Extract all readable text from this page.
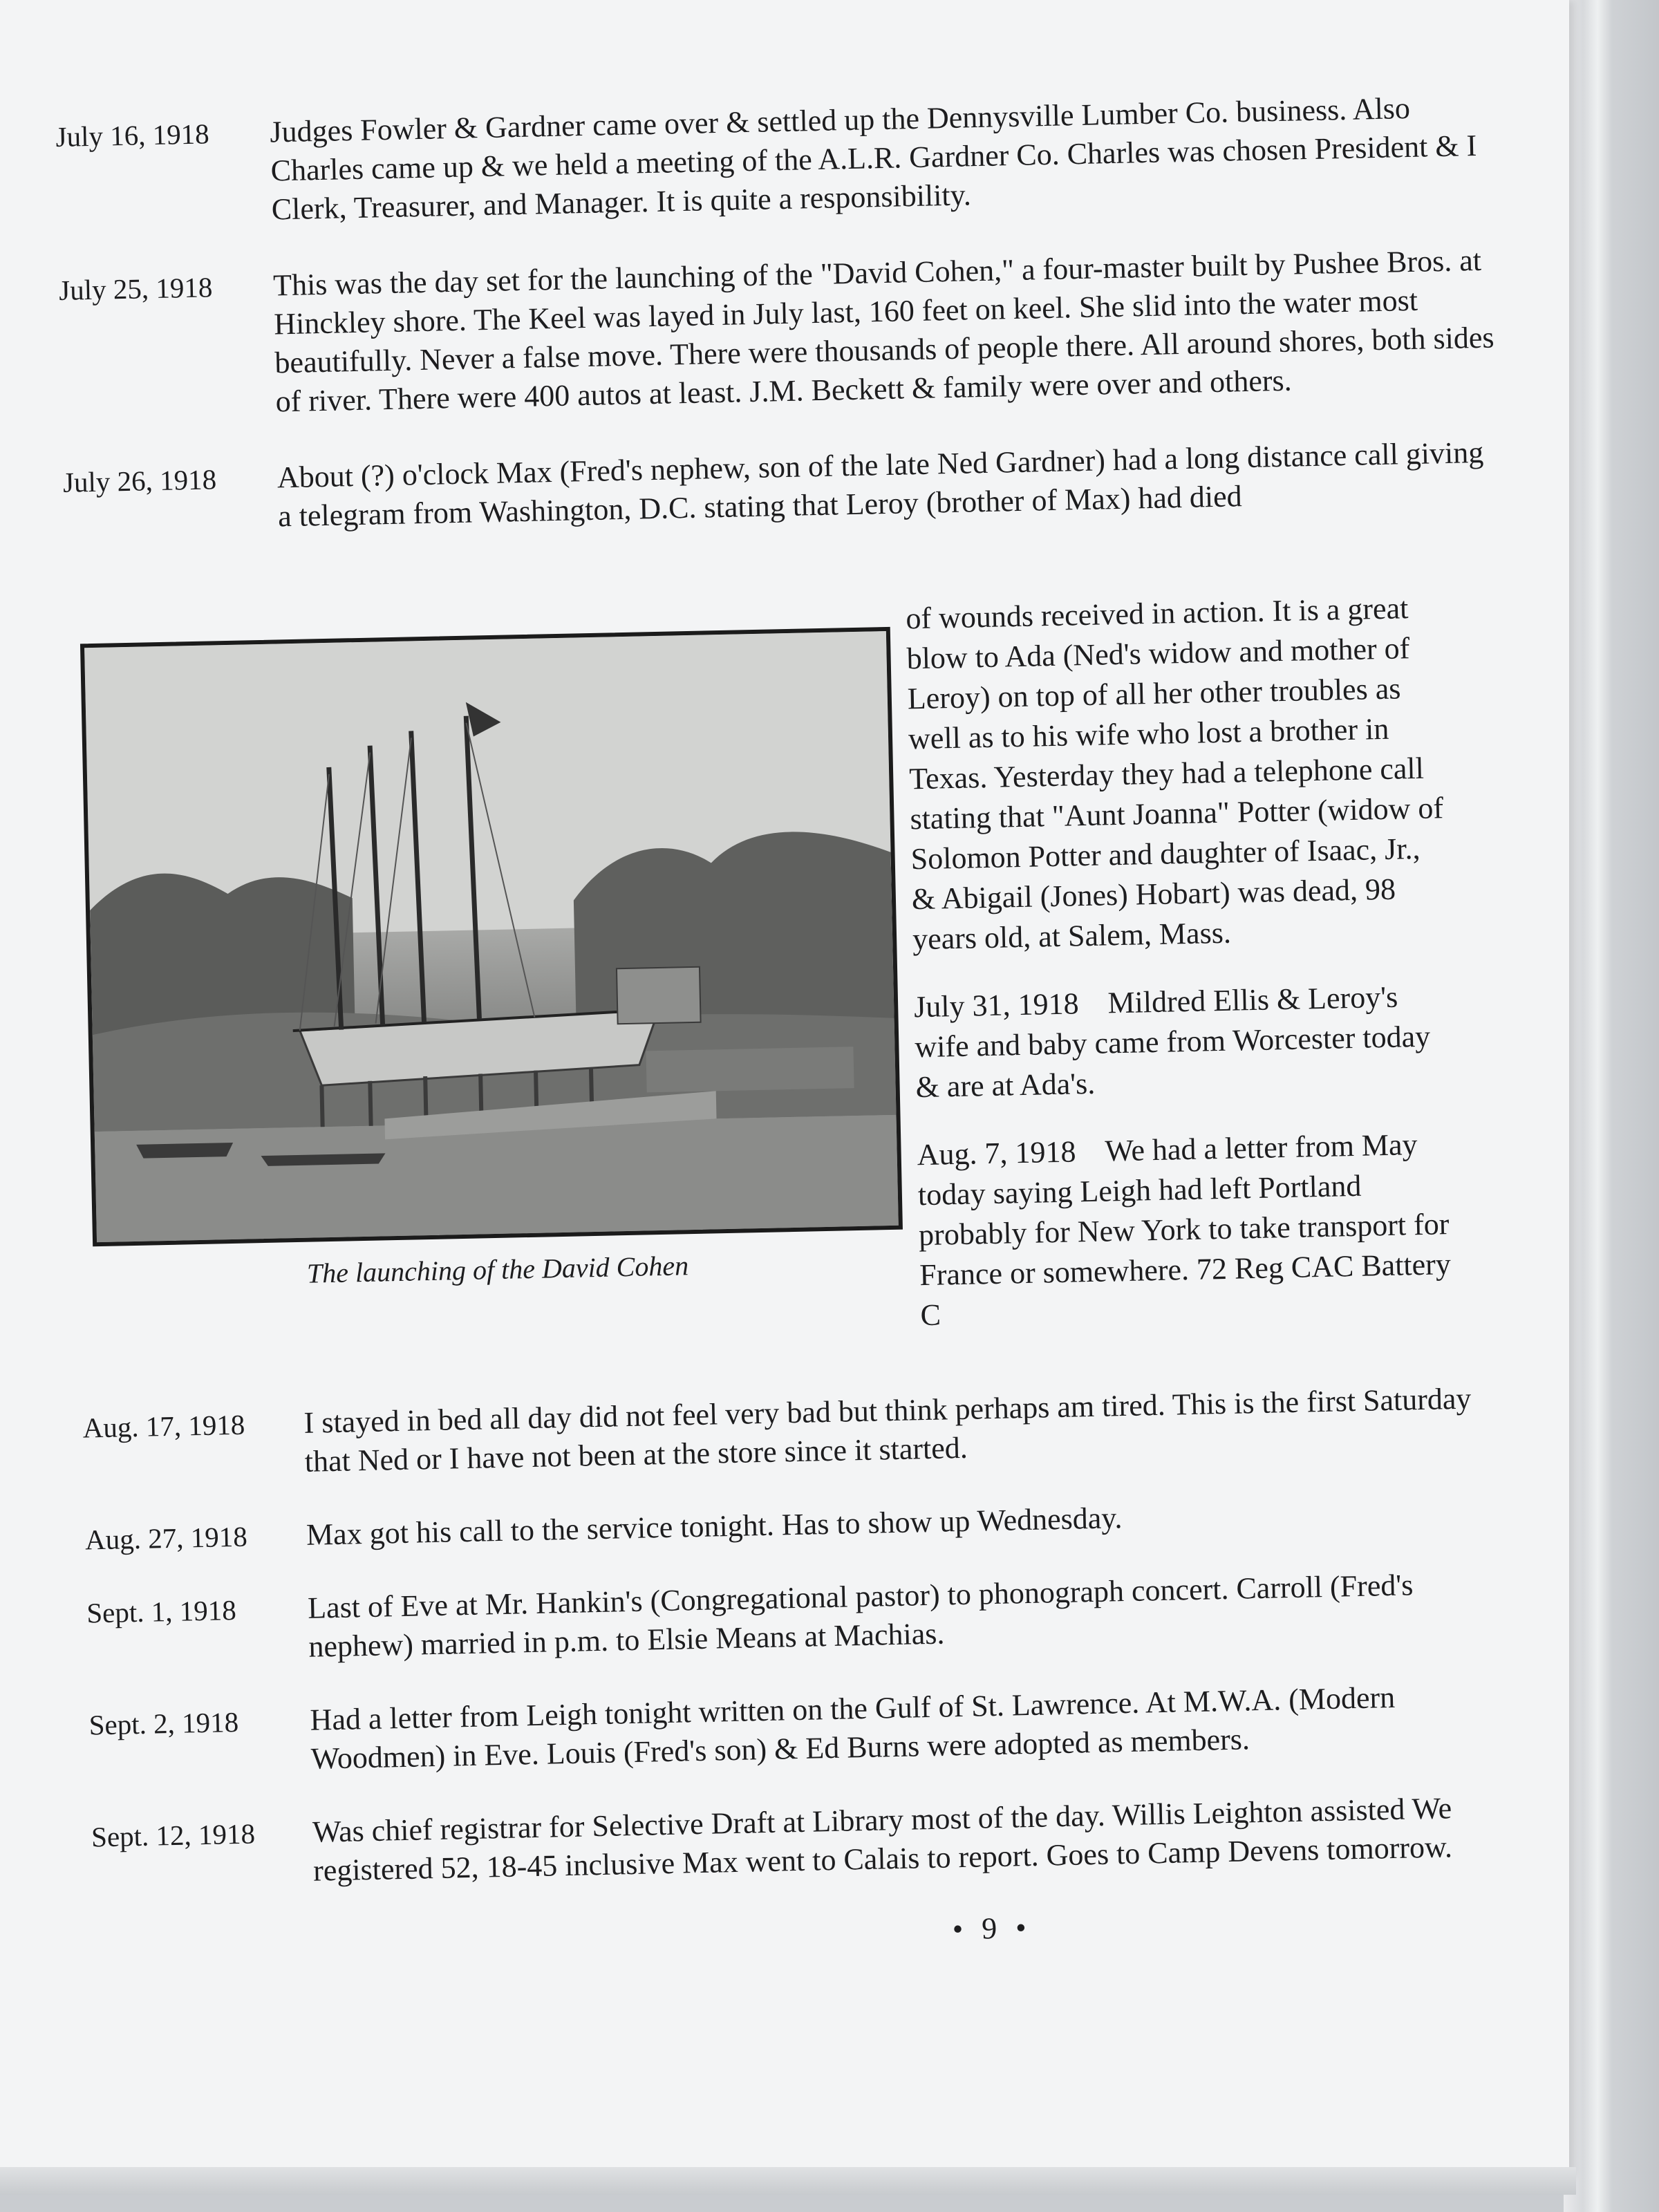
July 16, 1918	Judges Fowler & Gardner came over & settled up the Dennysville Lumber Co. business. Also Charles came up & we held a meeting of the A.L.R. Gardner Co. Charles was chosen President & I Clerk, Treasurer, and Manager. It is quite a responsibility.
July 25, 1918	This was the day set for the launching of the "David Cohen," a four-master built by Pushee Bros. at Hinckley shore. The Keel was layed in July last, 160 feet on keel. She slid into the water most beautifully. Never a false move. There were thousands of people there. All around shores, both sides of river. There were 400 autos at least. J.M. Beckett & family were over and others.
July 26, 1918	About (?) o'clock Max (Fred's nephew, son of the late Ned Gardner) had a long distance call giving a telegram from Washington, D.C. stating that Leroy (brother of Max) had died
The launching of the David Cohen

of wounds received in action. It is a great blow to Ada (Ned's widow and mother of Leroy) on top of all her other troubles as well as to his wife who lost a brother in Texas. Yesterday they had a telephone call stating that "Aunt Joanna" Potter (widow of Solomon Potter and daughter of Isaac, Jr., & Abigail (Jones) Hobart) was dead, 98 years old, at Salem, Mass.

July 31, 1918 Mildred Ellis & Leroy's wife and baby came from Worcester today & are at Ada's.

Aug. 7, 1918 We had a letter from May today saying Leigh had left Portland probably for New York to take transport for France or somewhere. 72 Reg CAC Battery C

Aug. 17, 1918	I stayed in bed all day did not feel very bad but think perhaps am tired. This is the first Saturday that Ned or I have not been at the store since it started.
Aug. 27, 1918	Max got his call to the service tonight. Has to show up Wednesday.
Sept. 1, 1918	Last of Eve at Mr. Hankin's (Congregational pastor) to phonograph concert. Carroll (Fred's nephew) married in p.m. to Elsie Means at Machias.
Sept. 2, 1918	Had a letter from Leigh tonight written on the Gulf of St. Lawrence. At M.W.A. (Modern Woodmen) in Eve. Louis (Fred's son) & Ed Burns were adopted as members.
Sept. 12, 1918	Was chief registrar for Selective Draft at Library most of the day. Willis Leighton assisted We registered 52, 18-45 inclusive Max went to Calais to report. Goes to Camp Devens tomorrow.
• 9 •
